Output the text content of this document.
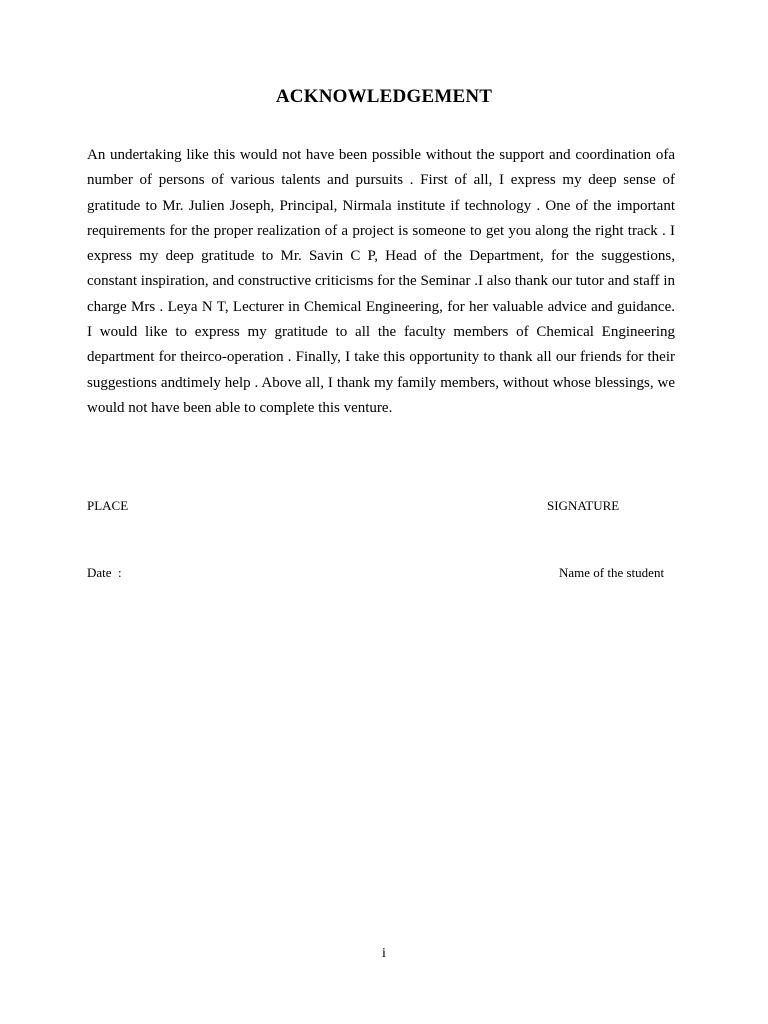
ACKNOWLEDGEMENT

An undertaking like this would not have been possible without the support and coordination ofa number of persons of various talents and pursuits . First of all, I express my deep sense of gratitude to Mr. Julien Joseph, Principal, Nirmala institute if technology . One of the important requirements for the proper realization of a project is someone to get you along the right track . I express my deep gratitude to Mr. Savin C P, Head of the Department, for the suggestions, constant inspiration, and constructive criticisms for the Seminar .I also thank our tutor and staff in charge Mrs . Leya N T, Lecturer in Chemical Engineering, for her valuable advice and guidance. I would like to express my gratitude to all the faculty members of Chemical Engineering department for theirco-operation . Finally, I take this opportunity to thank all our friends for their suggestions andtimely help . Above all, I thank my family members, without whose blessings, we would not have been able to complete this venture.

PLACE	SIGNATURE
Date  :	Name of the student
i
